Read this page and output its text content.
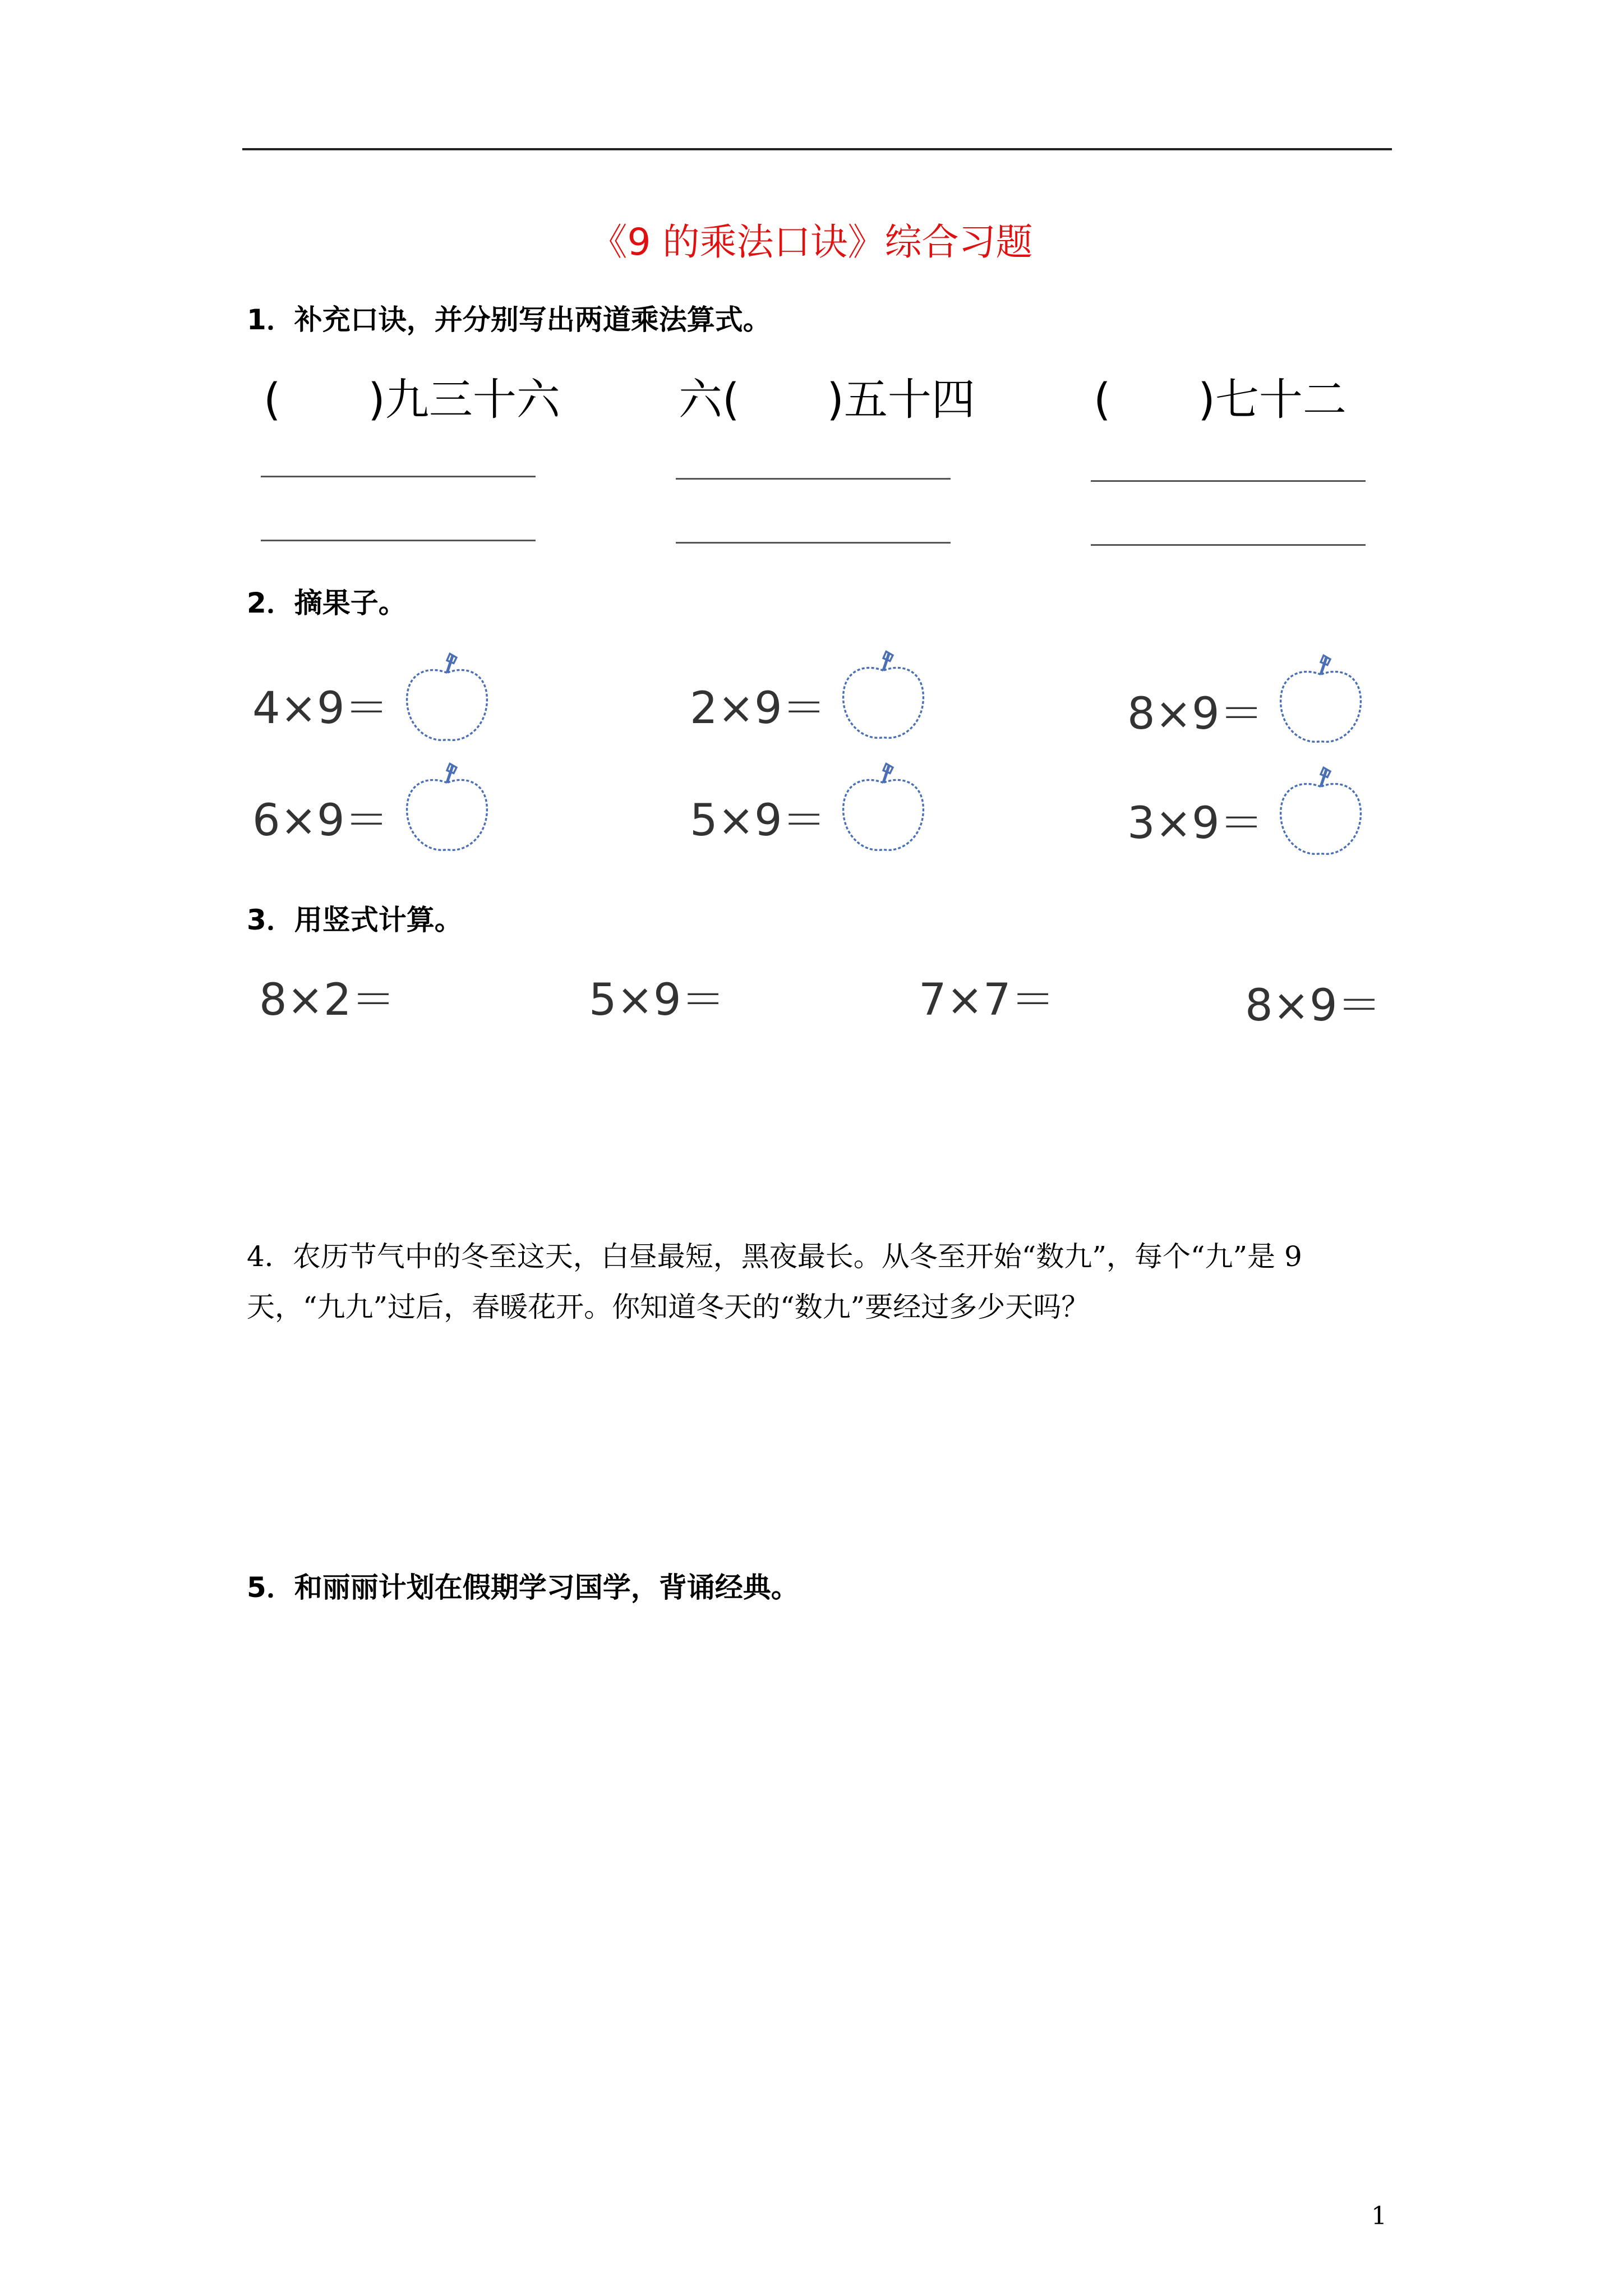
《9 的乘法口诀》综合习题
1．补充口诀，并分别写出两道乘法算式。
(　　)九三十六	六(　　)五十四	(　　)七十二
2．摘果子。
4×9＝	2×9＝	8×9＝
6×9＝	5×9＝	3×9＝
3．用竖式计算。
8×2＝	5×9＝	7×7＝	8×9＝
4．农历节气中的冬至这天，白昼最短，黑夜最长。从冬至开始“数九”，每个“九”是 9 天，“九九”过后，春暖花开。你知道冬天的“数九”要经过多少天吗？
5．和丽丽计划在假期学习国学，背诵经典。
1
